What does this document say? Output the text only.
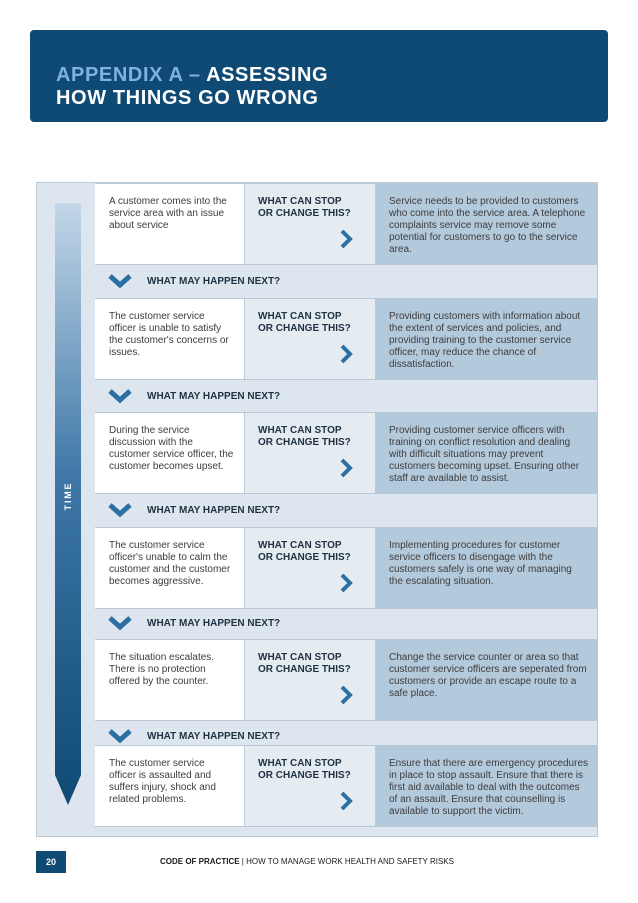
APPENDIX A – ASSESSING
HOW THINGS GO WRONG
TIME
A customer comes into the service area with an issue about service
WHAT CAN STOP
OR CHANGE THIS?
Service needs to be provided to customers who come into the service area. A telephone complaints service may remove some potential for customers to go to the service area.
WHAT MAY HAPPEN NEXT?
The customer service officer is unable to satisfy the customer's concerns or issues.
WHAT CAN STOP
OR CHANGE THIS?
Providing customers with information about the extent of services and policies, and providing training to the customer service officer, may reduce the chance of dissatisfaction.
WHAT MAY HAPPEN NEXT?
During the service discussion with the customer service officer, the customer becomes upset.
WHAT CAN STOP
OR CHANGE THIS?
Providing customer service officers with training on conflict resolution and dealing with difficult situations may prevent customers becoming upset. Ensuring other staff are available to assist.
WHAT MAY HAPPEN NEXT?
The customer service officer's unable to calm the customer and the customer becomes aggressive.
WHAT CAN STOP
OR CHANGE THIS?
Implementing procedures for customer service officers to disengage with the customers safely is one way of managing the escalating situation.
WHAT MAY HAPPEN NEXT?
The situation escalates. There is no protection offered by the counter.
WHAT CAN STOP
OR CHANGE THIS?
Change the service counter or area so that customer service officers are seperated from customers or provide an escape route to a safe place.
WHAT MAY HAPPEN NEXT?
The customer service officer is assaulted and suffers injury, shock and related problems.
WHAT CAN STOP
OR CHANGE THIS?
Ensure that there are emergency procedures in place to stop assault. Ensure that there is first aid available to deal with the outcomes of an assault. Ensure that counselling is available to support the victim.
20	CODE OF PRACTICE | HOW TO MANAGE WORK HEALTH AND SAFETY RISKS
